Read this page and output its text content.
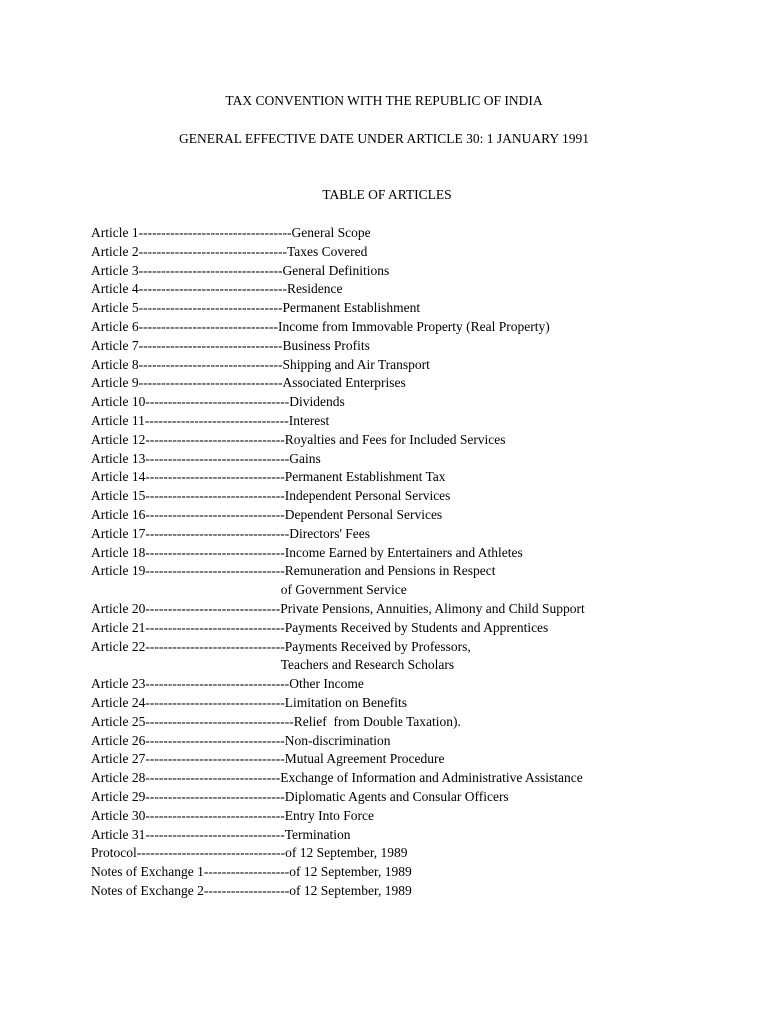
TAX CONVENTION WITH THE REPUBLIC OF INDIA
GENERAL EFFECTIVE DATE UNDER ARTICLE 30: 1 JANUARY 1991
TABLE OF ARTICLES
Article 1----------------------------------General Scope
Article 2---------------------------------Taxes Covered
Article 3--------------------------------General Definitions
Article 4---------------------------------Residence
Article 5--------------------------------Permanent Establishment
Article 6-------------------------------Income from Immovable Property (Real Property)
Article 7--------------------------------Business Profits
Article 8--------------------------------Shipping and Air Transport
Article 9--------------------------------Associated Enterprises
Article 10--------------------------------Dividends
Article 11--------------------------------Interest
Article 12-------------------------------Royalties and Fees for Included Services
Article 13--------------------------------Gains
Article 14-------------------------------Permanent Establishment Tax
Article 15-------------------------------Independent Personal Services
Article 16-------------------------------Dependent Personal Services
Article 17--------------------------------Directors' Fees
Article 18-------------------------------Income Earned by Entertainers and Athletes
Article 19-------------------------------Remuneration and Pensions in Respect
of Government Service
Article 20------------------------------Private Pensions, Annuities, Alimony and Child Support
Article 21-------------------------------Payments Received by Students and Apprentices
Article 22-------------------------------Payments Received by Professors,
Teachers and Research Scholars
Article 23--------------------------------Other Income
Article 24-------------------------------Limitation on Benefits
Article 25---------------------------------Relief  from Double Taxation).
Article 26-------------------------------Non-discrimination
Article 27-------------------------------Mutual Agreement Procedure
Article 28------------------------------Exchange of Information and Administrative Assistance
Article 29-------------------------------Diplomatic Agents and Consular Officers
Article 30-------------------------------Entry Into Force
Article 31-------------------------------Termination
Protocol---------------------------------of 12 September, 1989
Notes of Exchange 1-------------------of 12 September, 1989
Notes of Exchange 2-------------------of 12 September, 1989
